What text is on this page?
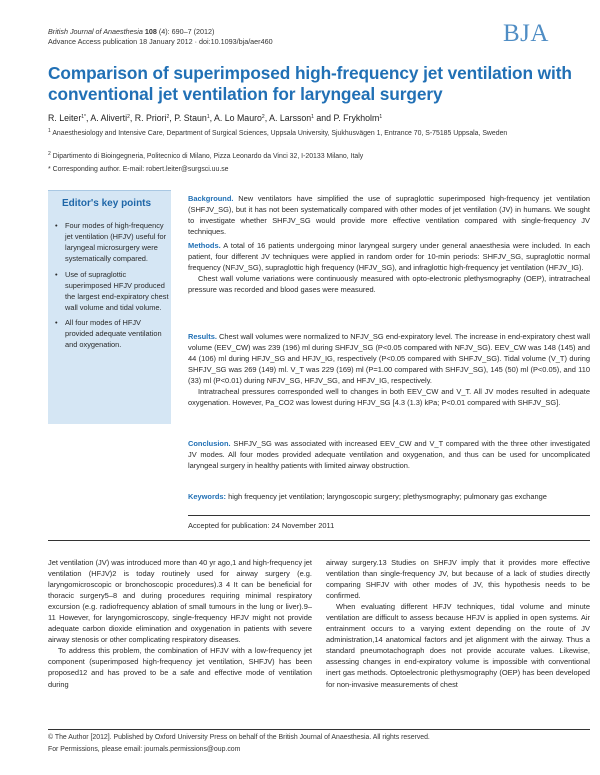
British Journal of Anaesthesia 108 (4): 690–7 (2012)
Advance Access publication 18 January 2012 · doi:10.1093/bja/aer460	BJA
Comparison of superimposed high-frequency jet ventilation with conventional jet ventilation for laryngeal surgery
R. Leiter$^{1*}$, A. Aliverti$^2$, R. Priori$^2$, P. Staun$^1$, A. Lo Mauro$^2$, A. Larsson$^1$ and P. Frykholm$^1$
$^1$ Anaesthesiology and Intensive Care, Department of Surgical Sciences, Uppsala University, Sjukhusvägen 1, Entrance 70, S-75185 Uppsala, Sweden
$^2$ Dipartimento di Bioingegneria, Politecnico di Milano, Pizza Leonardo da Vinci 32, I-20133 Milano, Italy
* Corresponding author. E-mail: robert.leiter@surgsci.uu.se
Editor's key points
• Four modes of high-frequency jet ventilation (HFJV) useful for laryngeal microsurgery were systematically compared.
• Use of supraglottic superimposed HFJV produced the largest end-expiratory chest wall volume and tidal volume.
• All four modes of HFJV provided adequate ventilation and oxygenation.

Background. New ventilators have simplified the use of supraglottic superimposed high-frequency jet ventilation (SHFJV_SG), but it has not been systematically compared with other modes of jet ventilation (JV) in humans. We sought to investigate whether SHFJV_SG would provide more effective ventilation compared with single-frequency JV techniques.

Methods. A total of 16 patients undergoing minor laryngeal surgery under general anaesthesia were included. In each patient, four different JV techniques were applied in random order for 10-min periods: SHFJV_SG, supraglottic normal frequency (NFJV_SG), supraglottic high frequency (HFJV_SG), and infraglottic high-frequency jet ventilation (HFJV_IG).

Chest wall volume variations were continuously measured with opto-electronic plethysmography (OEP), intratracheal pressure was recorded and blood gases were measured.

Results. Chest wall volumes were normalized to NFJV_SG end-expiratory level. The increase in end-expiratory chest wall volume (EEV_CW) was 239 (196) ml during SHFJV_SG (P<0.05 compared with NFJV_SG). EEV_CW was 148 (145) and 44 (106) ml during HFJV_SG and HFJV_IG, respectively (P<0.05 compared with SHFJV_SG). Tidal volume (V_T) during SHFJV_SG was 269 (149) ml. V_T was 229 (169) ml (P=1.00 compared with SHFJV_SG), 145 (50) ml (P<0.05), and 110 (33) ml (P<0.01) during NFJV_SG, HFJV_SG, and HFJV_IG, respectively.

Intratracheal pressures corresponded well to changes in both EEV_CW and V_T. All JV modes resulted in adequate oxygenation. However, Pa_CO2 was lowest during HFJV_SG [4.3 (1.3) kPa; P<0.01 compared with SHFJV_SG].

Conclusion. SHFJV_SG was associated with increased EEV_CW and V_T compared with the three other investigated JV modes. All four modes provided adequate ventilation and oxygenation, and thus can be used for uncomplicated laryngeal surgery in healthy patients with limited airway obstruction.

Keywords: high frequency jet ventilation; laryngoscopic surgery; plethysmography; pulmonary gas exchange

Accepted for publication: 24 November 2011

Jet ventilation (JV) was introduced more than 40 yr ago,1 and high-frequency jet ventilation (HFJV)2 is today routinely used for airway surgery (e.g. laryngomicroscopic or bronchoscopic procedures).3 4 It can be beneficial for thoracic surgery5–8 and during procedures requiring minimal respiratory excursion (e.g. radiofrequency ablation of small tumours in the lung or liver).9–11 However, for laryngomicroscopy, single-frequency HFJV might not provide adequate carbon dioxide elimination and oxygenation in patients with severe airway stenosis or other complicating respiratory diseases.

To address this problem, the combination of HFJV with a low-frequency jet component (superimposed high-frequency jet ventilation, SHFJV) has been proposed12 and has proved to be a safe and effective mode of ventilation during

airway surgery.13 Studies on SHFJV imply that it provides more effective ventilation than single-frequency JV, but because of a lack of studies directly comparing SHFJV with other modes of JV, this hypothesis needs to be confirmed.

When evaluating different HFJV techniques, tidal volume and minute ventilation are difficult to assess because HFJV is applied in open systems. Air entrainment occurs to a varying extent depending on the route of JV administration,14 anatomical factors and jet alignment with the airway. Thus a standard pneumotachograph does not provide accurate values. Likewise, assessing changes in end-expiratory volume is impossible with conventional inert gas methods. Optoelectronic plethysmography (OEP) has been developed for non-invasive measurements of chest

© The Author [2012]. Published by Oxford University Press on behalf of the British Journal of Anaesthesia. All rights reserved.
For Permissions, please email: journals.permissions@oup.com
